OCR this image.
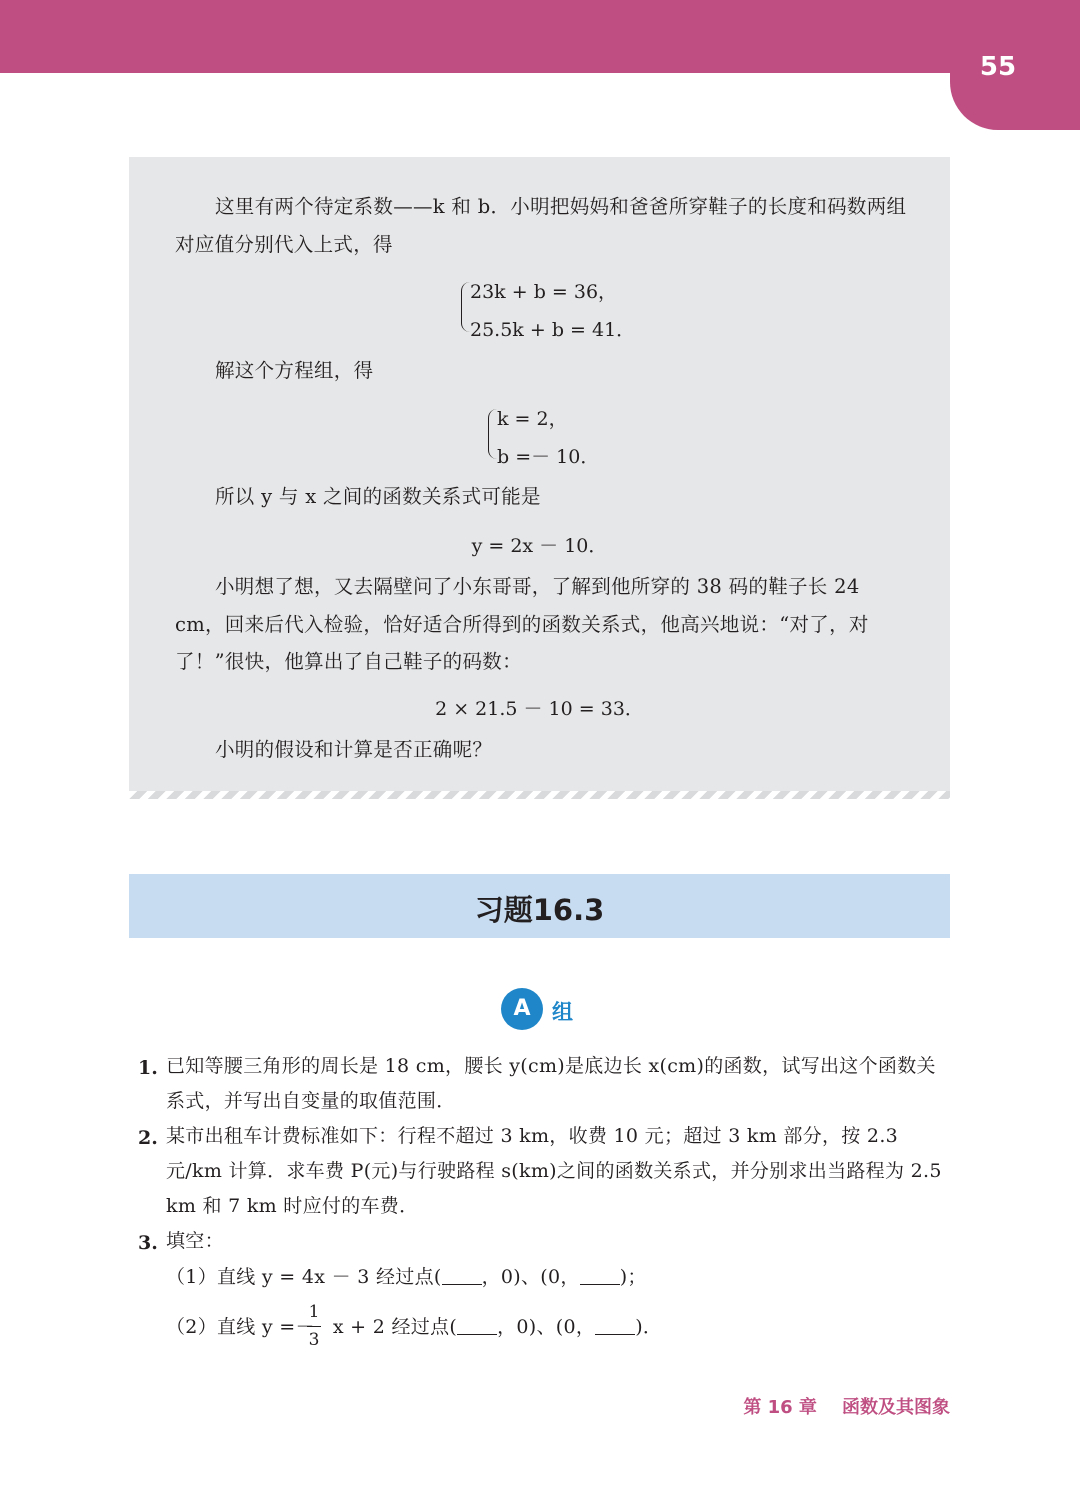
55
这里有两个待定系数——k 和 b．小明把妈妈和爸爸所穿鞋子的长度和码数两组对应值分别代入上式，得
23k + b = 36，
25.5k + b = 41．
解这个方程组，得
k = 2，
b =－ 10．
所以 y 与 x 之间的函数关系式可能是
y = 2x － 10．
小明想了想，又去隔壁问了小东哥哥，了解到他所穿的 38 码的鞋子长 24 cm，回来后代入检验，恰好适合所得到的函数关系式，他高兴地说：“对了，对了！”很快，他算出了自己鞋子的码数：
2 × 21.5 － 10 = 33．
小明的假设和计算是否正确呢？
习题16.3
A	组
1. 已知等腰三角形的周长是 18 cm，腰长 y(cm)是底边长 x(cm)的函数，试写出这个函数关系式，并写出自变量的取值范围．
2. 某市出租车计费标准如下：行程不超过 3 km，收费 10 元；超过 3 km 部分，按 2.3 元/km 计算．求车费 P(元)与行驶路程 s(km)之间的函数关系式，并分别求出当路程为 2.5 km 和 7 km 时应付的车费．
3. 填空：
（1）直线 y = 4x － 3 经过点( ，0)、(0， )；
（2）直线 y =－ x + 2 经过点( ，0)、(0， )．
1
3
第 16 章    函数及其图象
